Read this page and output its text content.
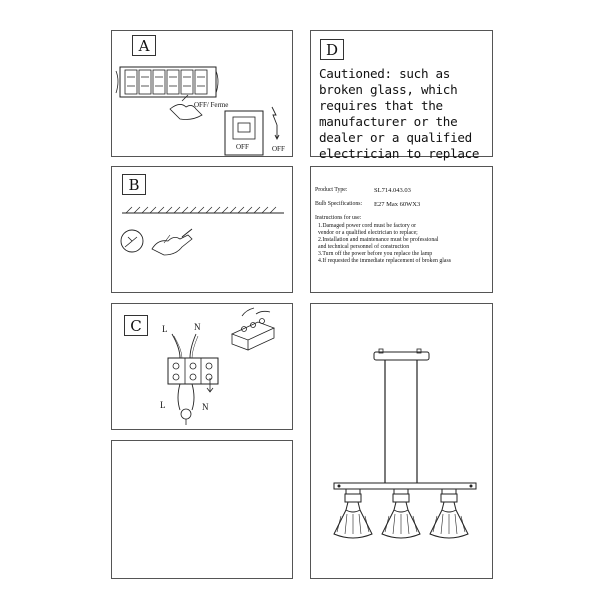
A
OFF/ Ferme
OFF	OFF
D
Cautioned: such as broken glass, which requires that the manufacturer or the dealer or a qualified electrician to replace
B	Product Type:	SL714.043.03
Bulb Specifications: E27 Max 60WX3
Instructions for use:
1.Damaged power cord must be factory or
vendor or a qualified electrician to replace;
2.Installation and maintenance must be professional
and technical personnel of construction
3.Turn off the power before you replace the lamp
4.If requested the immediate replacement of broken glass
C	L	N
L	N
